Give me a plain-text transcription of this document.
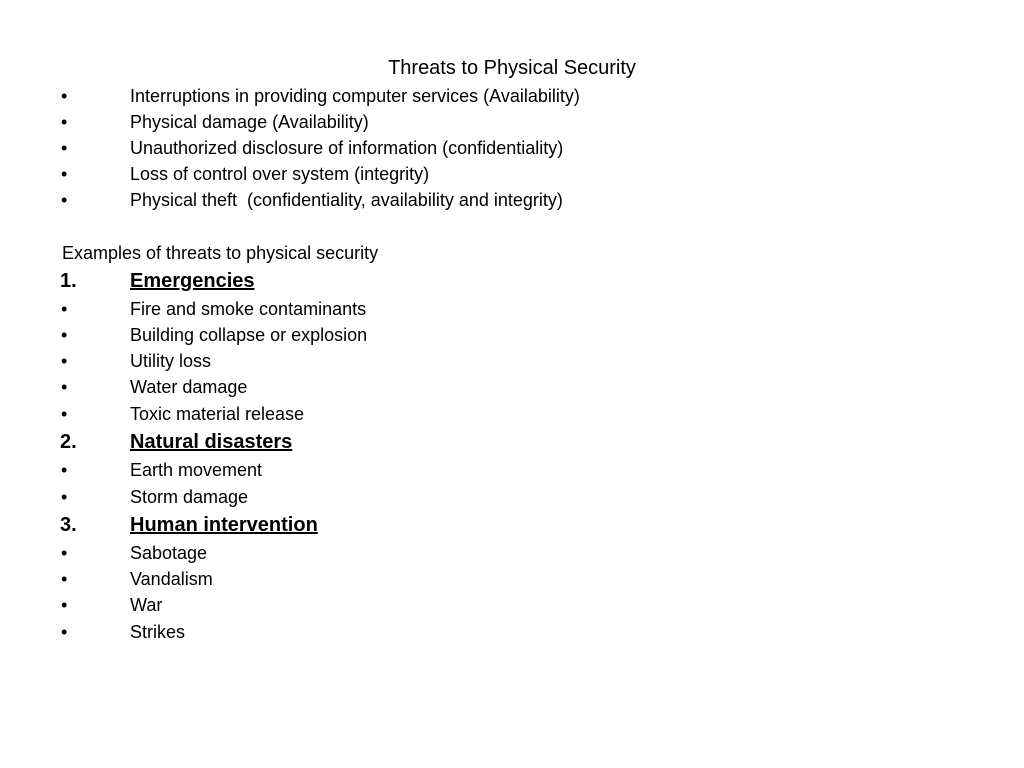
Threats to Physical Security

•

	Interruptions in providing computer services (Availability)

•

	Physical damage (Availability)

•

	Unauthorized disclosure of information (confidentiality)

•

	Loss of control over system (integrity)

•

	Physical theft  (confidentiality, availability and integrity)

Examples of threats to physical security

1.

	Emergencies

•

	Fire and smoke contaminants

•

	Building collapse or explosion

•

	Utility loss

•

	Water damage

•

	Toxic material release

2.

	Natural disasters

•

	Earth movement

•

	Storm damage

3.

	Human intervention

•

	Sabotage

•

	Vandalism

•

	War

•

	Strikes
